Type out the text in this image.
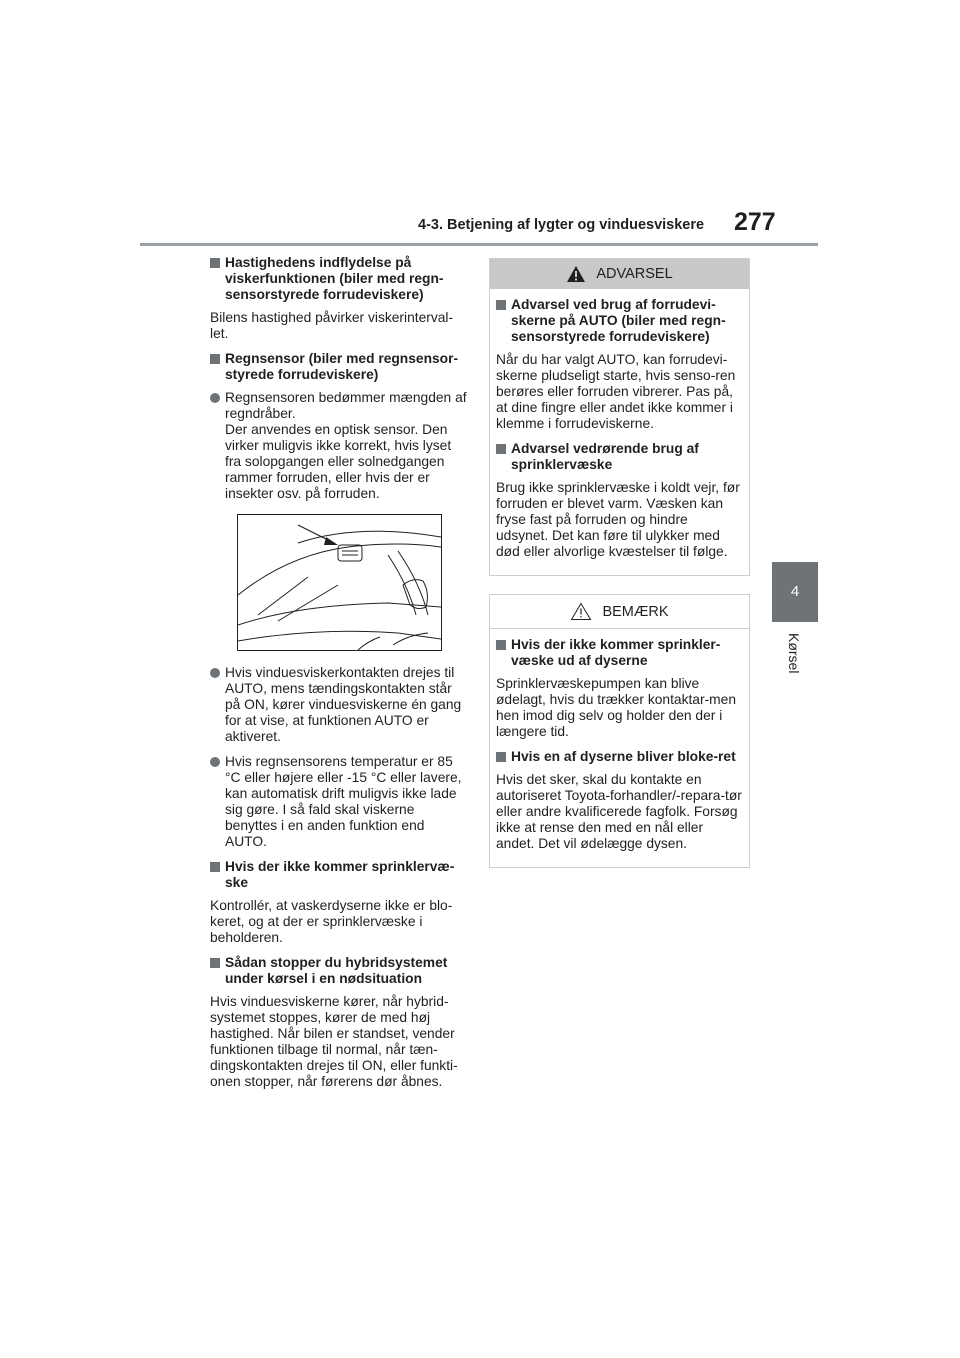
4-3. Betjening af lygter og vinduesviskere 277
4
Kørsel
Hastighedens indflydelse på viskerfunktionen (biler med regn-sensorstyrede forrudeviskere)
Bilens hastighed påvirker viskerinterval-let.
Regnsensor (biler med regnsensor-styrede forrudeviskere)
Regnsensoren bedømmer mængden af regndråber.
Der anvendes en optisk sensor. Den virker muligvis ikke korrekt, hvis lyset fra solopgangen eller solnedgangen rammer forruden, eller hvis der er insekter osv. på forruden.
Hvis vinduesviskerkontakten drejes til AUTO, mens tændingskontakten står på ON, kører vinduesviskerne én gang for at vise, at funktionen AUTO er aktiveret.
Hvis regnsensorens temperatur er 85 °C eller højere eller -15 °C eller lavere, kan automatisk drift muligvis ikke lade sig gøre. I så fald skal viskerne benyttes i en anden funktion end AUTO.
Hvis der ikke kommer sprinklervæ-ske
Kontrollér, at vaskerdyserne ikke er blo-keret, og at der er sprinklervæske i beholderen.
Sådan stopper du hybridsystemet under kørsel i en nødsituation
Hvis vinduesviskerne kører, når hybrid-systemet stoppes, kører de med høj hastighed. Når bilen er standset, vender funktionen tilbage til normal, når tæn-dingskontakten drejes til ON, eller funkti-onen stopper, når førerens dør åbnes.
ADVARSEL
Advarsel ved brug af forrudevi-skerne på AUTO (biler med regn-sensorstyrede forrudeviskere)
Når du har valgt AUTO, kan forrudevi-skerne pludseligt starte, hvis senso-ren berøres eller forruden vibrerer. Pas på, at dine fingre eller andet ikke kommer i klemme i forrudeviskerne.
Advarsel vedrørende brug af sprinklervæske
Brug ikke sprinklervæske i koldt vejr, før forruden er blevet varm. Væsken kan fryse fast på forruden og hindre udsynet. Det kan føre til ulykker med død eller alvorlige kvæstelser til følge.
BEMÆRK
Hvis der ikke kommer sprinkler-væske ud af dyserne
Sprinklervæskepumpen kan blive ødelagt, hvis du trækker kontaktar-men hen imod dig selv og holder den der i længere tid.
Hvis en af dyserne bliver bloke-ret
Hvis det sker, skal du kontakte en autoriseret Toyota-forhandler/-repara-tør eller andre kvalificerede fagfolk. Forsøg ikke at rense den med en nål eller andet. Det vil ødelægge dysen.
